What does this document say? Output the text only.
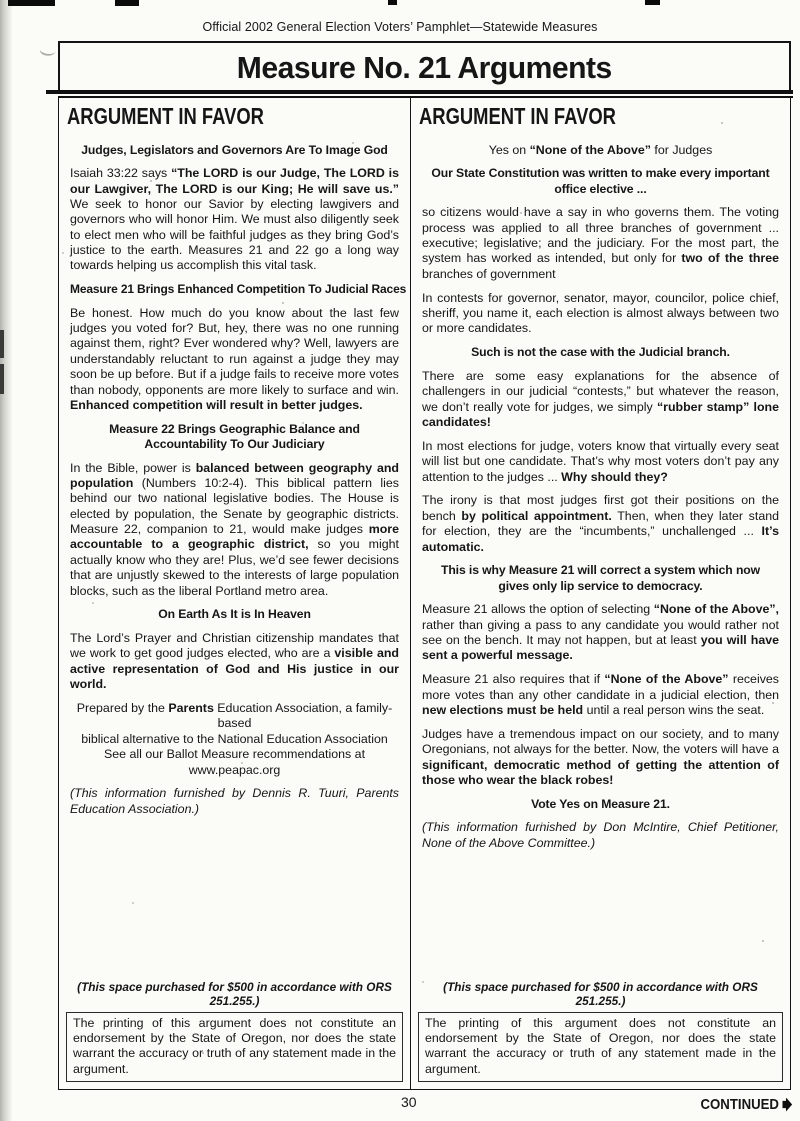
Official 2002 General Election Voters’ Pamphlet—Statewide Measures
Measure No. 21 Arguments
ARGUMENT IN FAVOR
Judges, Legislators and Governors Are To Image God
Isaiah 33:22 says “The LORD is our Judge, The LORD is our Lawgiver, The LORD is our King; He will save us.” We seek to honor our Savior by electing lawgivers and governors who will honor Him. We must also diligently seek to elect men who will be faithful judges as they bring God’s justice to the earth. Measures 21 and 22 go a long way towards helping us accomplish this vital task.
Measure 21 Brings Enhanced Competition To Judicial Races
Be honest. How much do you know about the last few judges you voted for? But, hey, there was no one running against them, right? Ever wondered why? Well, lawyers are understandably reluctant to run against a judge they may soon be up before. But if a judge fails to receive more votes than nobody, opponents are more likely to surface and win. Enhanced competition will result in better judges.
Measure 22 Brings Geographic Balance and Accountability To Our Judiciary
In the Bible, power is balanced between geography and population (Numbers 10:2-4). This biblical pattern lies behind our two national legislative bodies. The House is elected by population, the Senate by geographic districts. Measure 22, companion to 21, would make judges more accountable to a geographic district, so you might actually know who they are! Plus, we’d see fewer decisions that are unjustly skewed to the interests of large population blocks, such as the liberal Portland metro area.
On Earth As It is In Heaven
The Lord’s Prayer and Christian citizenship mandates that we work to get good judges elected, who are a visible and active representation of God and His justice in our world.
Prepared by the Parents Education Association, a family-based
biblical alternative to the National Education Association
See all our Ballot Measure recommendations at
www.peapac.org
(This information furnished by Dennis R. Tuuri, Parents Education Association.)
(This space purchased for $500 in accordance with ORS 251.255.)
The printing of this argument does not constitute an endorsement by the State of Oregon, nor does the state warrant the accuracy or truth of any statement made in the argument.
ARGUMENT IN FAVOR
Yes on “None of the Above” for Judges
Our State Constitution was written to make every important office elective ...
so citizens would have a say in who governs them. The voting process was applied to all three branches of government ... executive; legislative; and the judiciary. For the most part, the system has worked as intended, but only for two of the three branches of government
In contests for governor, senator, mayor, councilor, police chief, sheriff, you name it, each election is almost always between two or more candidates.
Such is not the case with the Judicial branch.
There are some easy explanations for the absence of challengers in our judicial “contests,” but whatever the reason, we don’t really vote for judges, we simply “rubber stamp” lone candidates!
In most elections for judge, voters know that virtually every seat will list but one candidate. That’s why most voters don’t pay any attention to the judges ... Why should they?
The irony is that most judges first got their positions on the bench by political appointment. Then, when they later stand for election, they are the “incumbents,” unchallenged ... It’s automatic.
This is why Measure 21 will correct a system which now gives only lip service to democracy.
Measure 21 allows the option of selecting “None of the Above”, rather than giving a pass to any candidate you would rather not see on the bench. It may not happen, but at least you will have sent a powerful message.
Measure 21 also requires that if “None of the Above” receives more votes than any other candidate in a judicial election, then new elections must be held until a real person wins the seat.
Judges have a tremendous impact on our society, and to many Oregonians, not always for the better. Now, the voters will have a significant, democratic method of getting the attention of those who wear the black robes!
Vote Yes on Measure 21.
(This information furnished by Don McIntire, Chief Petitioner, None of the Above Committee.)
(This space purchased for $500 in accordance with ORS 251.255.)
The printing of this argument does not constitute an endorsement by the State of Oregon, nor does the state warrant the accuracy or truth of any statement made in the argument.
30	CONTINUED
